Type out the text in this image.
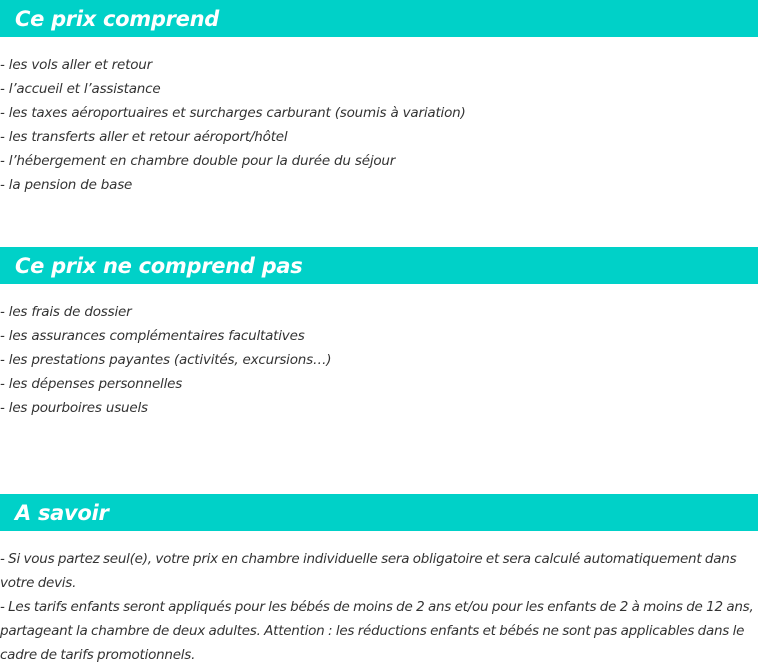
Ce prix comprend
- les vols aller et retour
- l’accueil et l’assistance
- les taxes aéroportuaires et surcharges carburant (soumis à variation)
- les transferts aller et retour aéroport/hôtel
- l’hébergement en chambre double pour la durée du séjour
- la pension de base
Ce prix ne comprend pas
- les frais de dossier
- les assurances complémentaires facultatives
- les prestations payantes (activités, excursions…)
- les dépenses personnelles
- les pourboires usuels
A savoir

- Si vous partez seul(e), votre prix en chambre individuelle sera obligatoire et sera calculé automatiquement dans votre devis.

- Les tarifs enfants seront appliqués pour les bébés de moins de 2 ans et/ou pour les enfants de 2 à moins de 12 ans, partageant la chambre de deux adultes. Attention : les réductions enfants et bébés ne sont pas applicables dans le cadre de tarifs promotionnels.
